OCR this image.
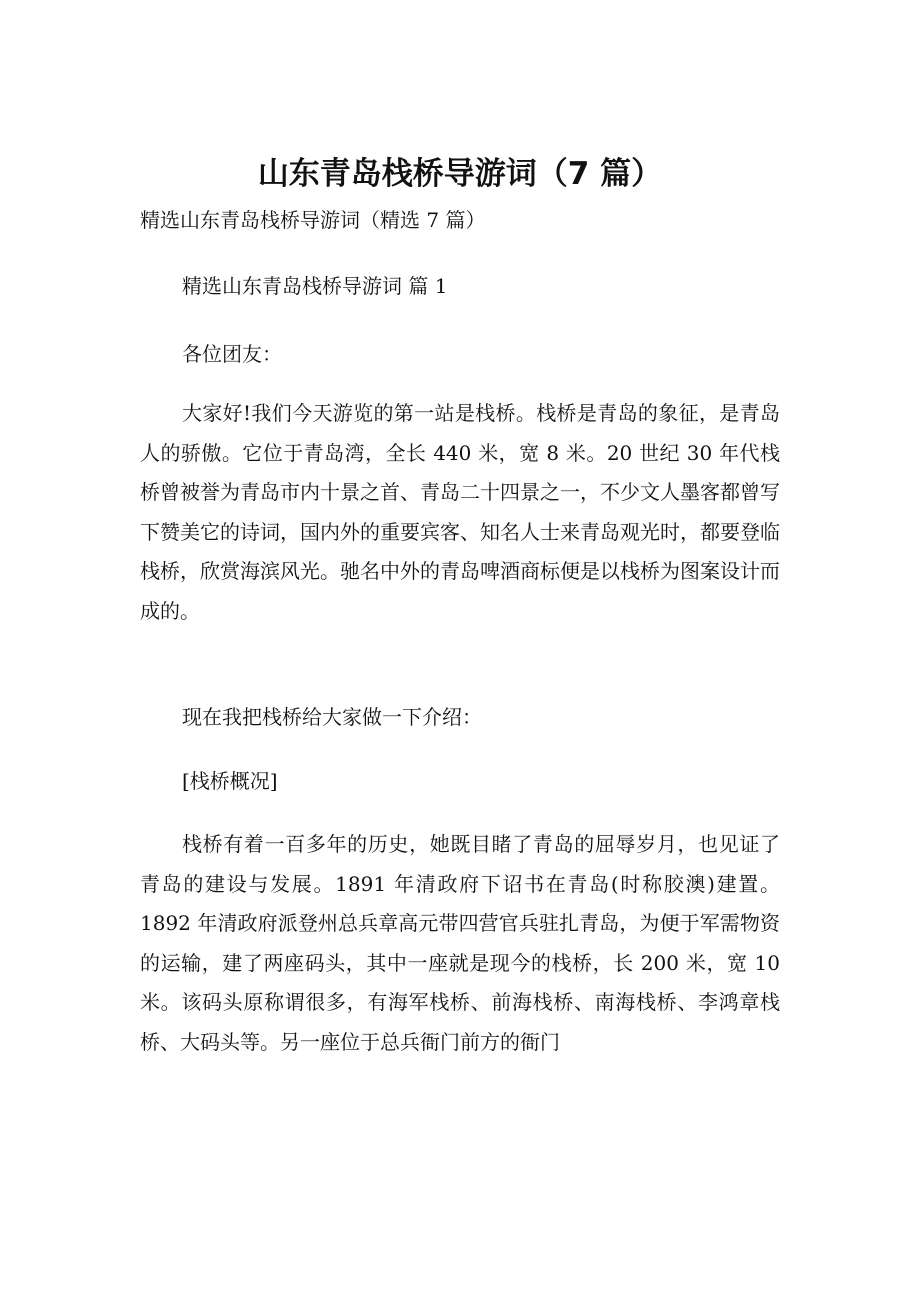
山东青岛栈桥导游词（7 篇）

精选山东青岛栈桥导游词（精选 7 篇）

精选山东青岛栈桥导游词 篇 1

各位团友：

大家好!我们今天游览的第一站是栈桥。栈桥是青岛的象征，是青岛人的骄傲。它位于青岛湾，全长 440 米，宽 8 米。20 世纪 30 年代栈桥曾被誉为青岛市内十景之首、青岛二十四景之一，不少文人墨客都曾写下赞美它的诗词，国内外的重要宾客、知名人士来青岛观光时，都要登临栈桥，欣赏海滨风光。驰名中外的青岛啤酒商标便是以栈桥为图案设计而成的。

现在我把栈桥给大家做一下介绍：

[栈桥概况]

栈桥有着一百多年的历史，她既目睹了青岛的屈辱岁月，也见证了青岛的建设与发展。1891 年清政府下诏书在青岛(时称胶澳)建置。1892 年清政府派登州总兵章高元带四营官兵驻扎青岛，为便于军需物资的运输，建了两座码头，其中一座就是现今的栈桥，长 200 米，宽 10 米。该码头原称谓很多，有海军栈桥、前海栈桥、南海栈桥、李鸿章栈桥、大码头等。另一座位于总兵衙门前方的衙门
